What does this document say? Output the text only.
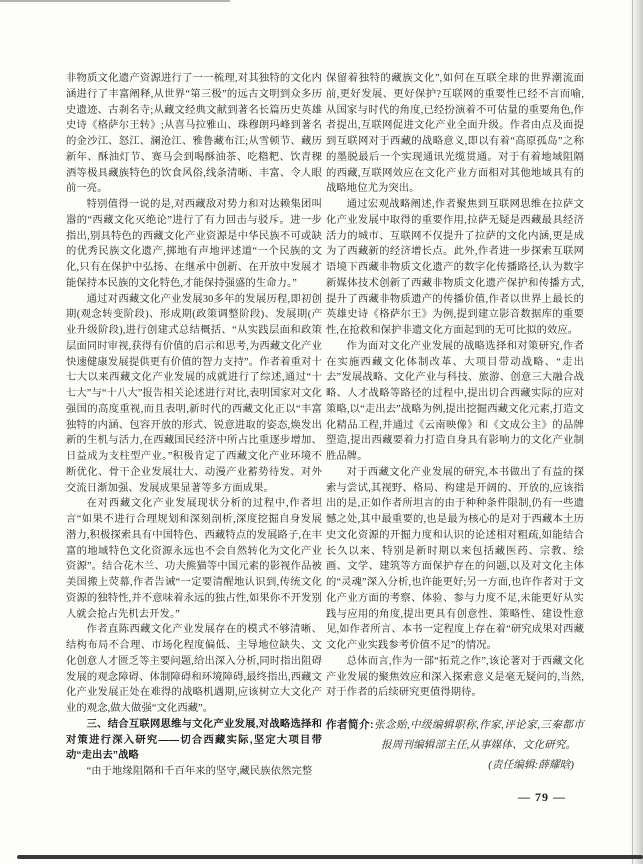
非物质文化遗产资源进行了一一梳理,对其独特的文化内涵进行了丰富阐释,从世界“第三极”的远古文明到众多历史遗迹、古刹名寺;从藏文经典文献到著名长篇历史英雄史诗《格萨尔王转》;从喜马拉雅山、珠穆朗玛峰到著名的金沙江、怒江、澜沧江、雅鲁藏布江;从雪顿节、藏历新年、酥油灯节、赛马会到喝酥油茶、吃糌粑、饮青稞酒等极具藏族特色的饮食风俗,线条清晰、丰富、令人眼前一亮。

特别值得一说的是,对西藏敌对势力和对达赖集团叫嚣的“西藏文化灭绝论”进行了有力回击与驳斥。进一步指出,别具特色的西藏文化产业资源是中华民族不可或缺的优秀民族文化遗产,掷地有声地评述道“一个民族的文化,只有在保护中弘扬、在继承中创新、在开放中发展才能保持本民族的文化特色,才能保持强盛的生命力。”

通过对西藏文化产业发展30多年的发展历程,即初创期(观念转变阶段)、形成期(政策调整阶段)、发展期(产业升级阶段),进行创建式总结概括、“从实践层面和政策层面同时审视,获得有价值的启示和思考,为西藏文化产业快速健康发展提供更有价值的智力支持”。作者着重对十七大以来西藏文化产业发展的成就进行了综述,通过“十七大”与“十八大”报告相关论述进行对比,表明国家对文化强国的高度重视,而且表明,新时代的西藏文化正以“丰富独特的内涵、包容开放的形式、锐意进取的姿态,焕发出新的生机与活力,在西藏国民经济中所占比重逐步增加、日益成为支柱型产业。”积极肯定了西藏文化产业环境不断优化、骨干企业发展壮大、动漫产业蓄势待发、对外交流日渐加强、发展成果显著等多方面成果。

在对西藏文化产业发展现状分析的过程中,作者坦言“如果不进行合理规划和深刻剖析,深度挖掘自身发展潜力,积极探索具有中国特色、西藏特点的发展路子,在丰富的地域特色文化资源永远也不会自然转化为文化产业资源”。结合花木兰、功夫熊猫等中国元素的影视作品被美国搬上荧幕,作者告诫“一定要清醒地认识到,传统文化资源的独特性,并不意味着永远的独占性,如果你不开发别人就会抢占先机去开发。”

作者直陈西藏文化产业发展存在的模式不够清晰、结构布局不合理、市场化程度偏低、主导地位缺失、文化创意人才匮乏等主要问题,给出深入分析,同时指出阻碍发展的观念障碍、体制障碍和环境障碍,最终指出,西藏文化产业发展正处在难得的战略机遇期,应该树立大文化产业的观念,做大做强“文化西藏”。

三、结合互联网思维与文化产业发展,对战略选择和对策进行深入研究——切合西藏实际,坚定大项目带动“走出去”战略

“由于地缘阻隔和千百年来的坚守,藏民族依然完整

保留着独特的藏族文化”,如何在互联全球的世界潮流面前,更好发展、更好保护?互联网的重要性已经不言而喻,从国家与时代的角度,已经扮演着不可估量的重要角色,作者提出,互联网促进文化产业全面升级。作者由点及面提到互联网对于西藏的战略意义,即以有着“高原孤岛”之称的墨脱最后一个实现通讯光缆贯通。对于有着地域阻隔的西藏,互联网效应在文化产业方面相对其他地域具有的战略地位尤为突出。

通过宏观战略阐述,作者聚焦到互联网思维在拉萨文化产业发展中取得的重要作用,拉萨无疑是西藏最具经济活力的城市、互联网不仅提升了拉萨的文化内涵,更是成为了西藏新的经济增长点。此外,作者进一步探索互联网语境下西藏非物质文化遗产的数字化传播路径,认为数字新媒体技术创新了西藏非物质文化遗产保护和传播方式,提升了西藏非物质遗产的传播价值,作者以世界上最长的英雄史诗《格萨尔王》为例,提到建立影音数据库的重要性,在抢救和保护非遗文化方面起到的无可比拟的效应。

作为面对文化产业发展的战略选择和对策研究,作者在实施西藏文化体制改革、大项目带动战略、“走出去”发展战略、文化产业与科技、旅游、创意三大融合战略、人才战略等路径的过程中,提出切合西藏实际的应对策略,以“走出去”战略为例,提出挖掘西藏文化元素,打造文化精品工程,并通过《云南映像》和《文成公主》的品牌塑造,提出西藏要着力打造自身具有影响力的文化产业制胜品牌。

对于西藏文化产业发展的研究,本书做出了有益的探索与尝试,其视野、格局、构建是开阔的、开放的,应该指出的是,正如作者所坦言的由于种种条件限制,仍有一些遗憾之处,其中最重要的,也是最为核心的是对于西藏本土历史文化资源的开掘力度和认识的论述相对粗疏,如能结合长久以来、特别是新时期以来包括藏医药、宗教、绘画、文学、建筑等方面保护存在的问题,以及对文化主体的“灵魂”深入分析,也许能更好;另一方面,也许作者对于文化产业方面的考察、体验、参与力度不足,未能更好从实践与应用的角度,提出更具有创意性、策略性、建设性意见,如作者所言、本书一定程度上存在着“研究成果对西藏文化产业实践参考价值不足”的情况。

总体而言,作为一部“拓荒之作”,该论著对于西藏文化产业发展的聚焦效应和深入探索意义是毫无疑问的,当然,对于作者的后续研究更值得期待。

作者简介:张念贻,中级编辑职称,作家,评论家,三秦都市报周刊编辑部主任,从事媒体、文化研究。

(责任编辑:薛耀晗)

— 79 —
